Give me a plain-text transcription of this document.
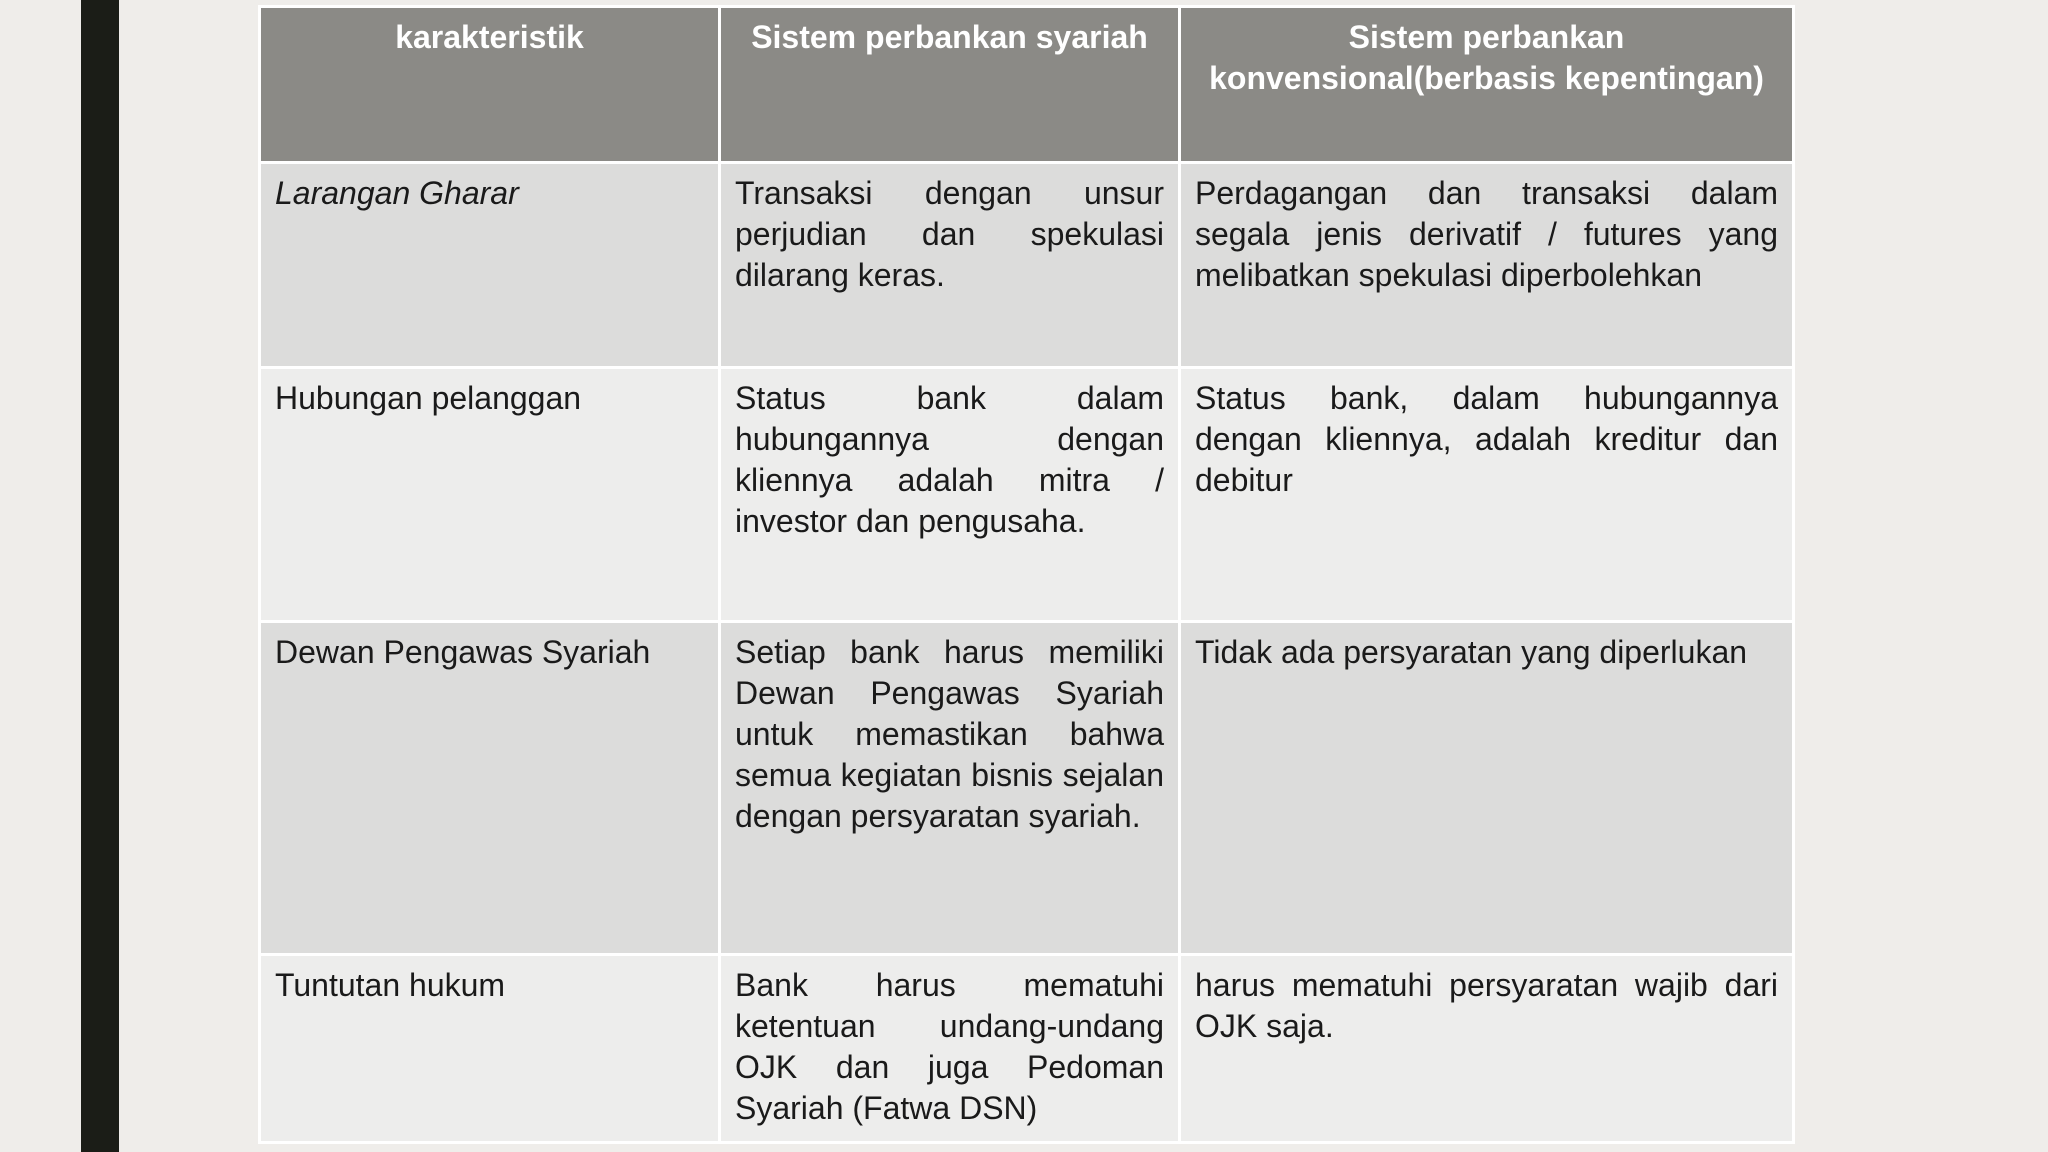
karakteristik	Sistem perbankan syariah	Sistem perbankan konvensional(berbasis kepentingan)
Larangan Gharar	Transaksi dengan unsur perjudian dan spekulasi dilarang keras.	Perdagangan dan transaksi dalam segala jenis derivatif / futures yang melibatkan spekulasi diperbolehkan
Hubungan pelanggan	Status bank dalam hubungannya dengan kliennya adalah mitra / investor dan pengusaha.	Status bank, dalam hubungannya dengan kliennya, adalah kreditur dan debitur
Dewan Pengawas Syariah	Setiap bank harus memiliki Dewan Pengawas Syariah untuk memastikan bahwa semua kegiatan bisnis sejalan dengan persyaratan syariah.	Tidak ada persyaratan yang diperlukan
Tuntutan hukum	Bank harus mematuhi ketentuan undang-undang OJK dan juga Pedoman Syariah (Fatwa DSN)	harus mematuhi persyaratan wajib dari OJK saja.
